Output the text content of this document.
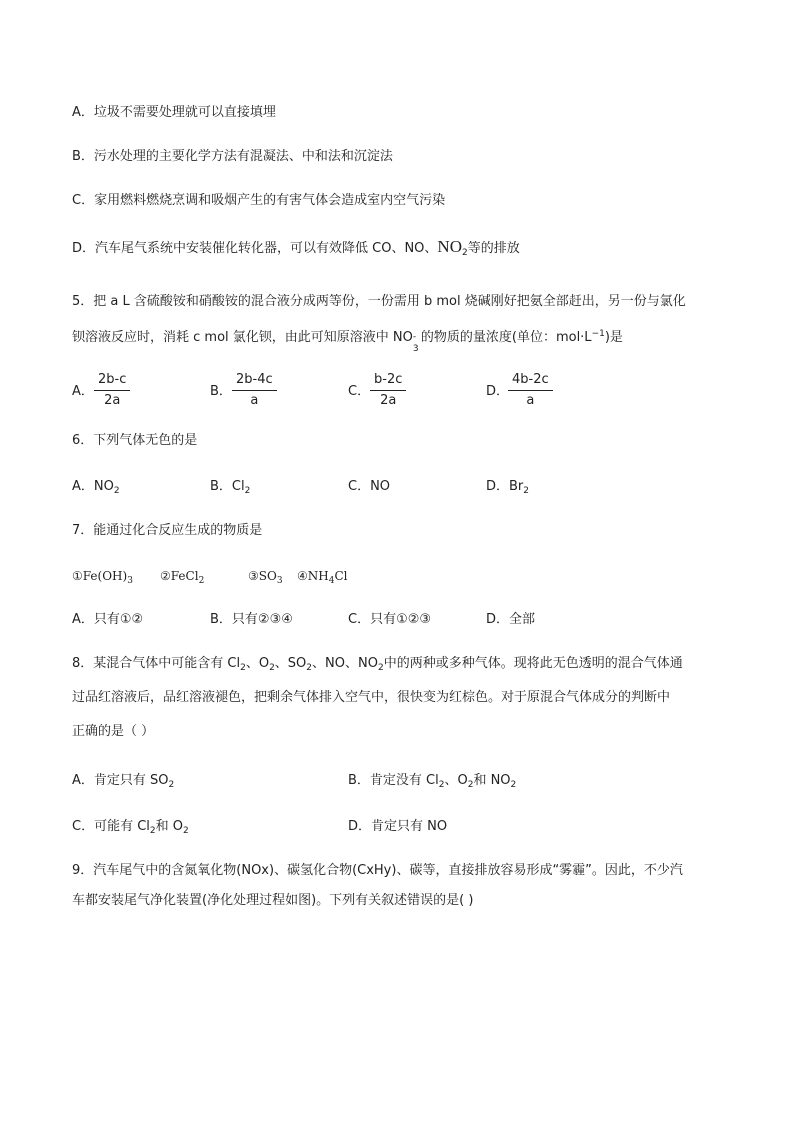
A．垃圾不需要处理就可以直接填埋
B．污水处理的主要化学方法有混凝法、中和法和沉淀法
C．家用燃料燃烧烹调和吸烟产生的有害气体会造成室内空气污染
D．汽车尾气系统中安装催化转化器，可以有效降低 CO、NO、$NO_2$等的排放
5．把 a L 含硫酸铵和硝酸铵的混合液分成两等份，一份需用 b mol 烧碱刚好把氨全部赶出，另一份与氯化
钡溶液反应时，消耗 c mol 氯化钡，由此可知原溶液中 NO -
3
的物质的量浓度(单位：$mol\cdot L^{-1}$)是
A． $\frac{2b-c}{2a}$	B． $\frac{2b-4c}{a}$	C． $\frac{b-2c}{2a}$	D．
$\frac{4b-2c}{a}$
6．下列气体无色的是
A．$NO_2$	B．$Cl_2$	C．NO	D．$Br_2$
7．能通过化合反应生成的物质是
$①Fe(OH)_3$ ②FeCl$_2$	$③SO_3$ $④NH_4Cl$
A．只有①②	B．只有②③④	C．只有①②③	D．全部
8．某混合气体中可能含有 $Cl_2$、$O_2$、$SO_2$、NO、$NO_2$中的两种或多种气体。现将此无色透明的混合气体通
过品红溶液后，品红溶液褪色，把剩余气体排入空气中，很快变为红棕色。对于原混合气体成分的判断中
正确的是（ ）
A．肯定只有 $SO_2$	B．肯定没有 $Cl_2$、$O_2$和 $NO_2$
C．可能有 $Cl_2$和 $O_2$	D．肯定只有 NO
9．汽车尾气中的含氮氧化物(NOx)、碳氢化合物(CxHy)、碳等，直接排放容易形成“雾霾”。因此，不少汽
车都安装尾气净化装置(净化处理过程如图)。下列有关叙述错误的是( )
